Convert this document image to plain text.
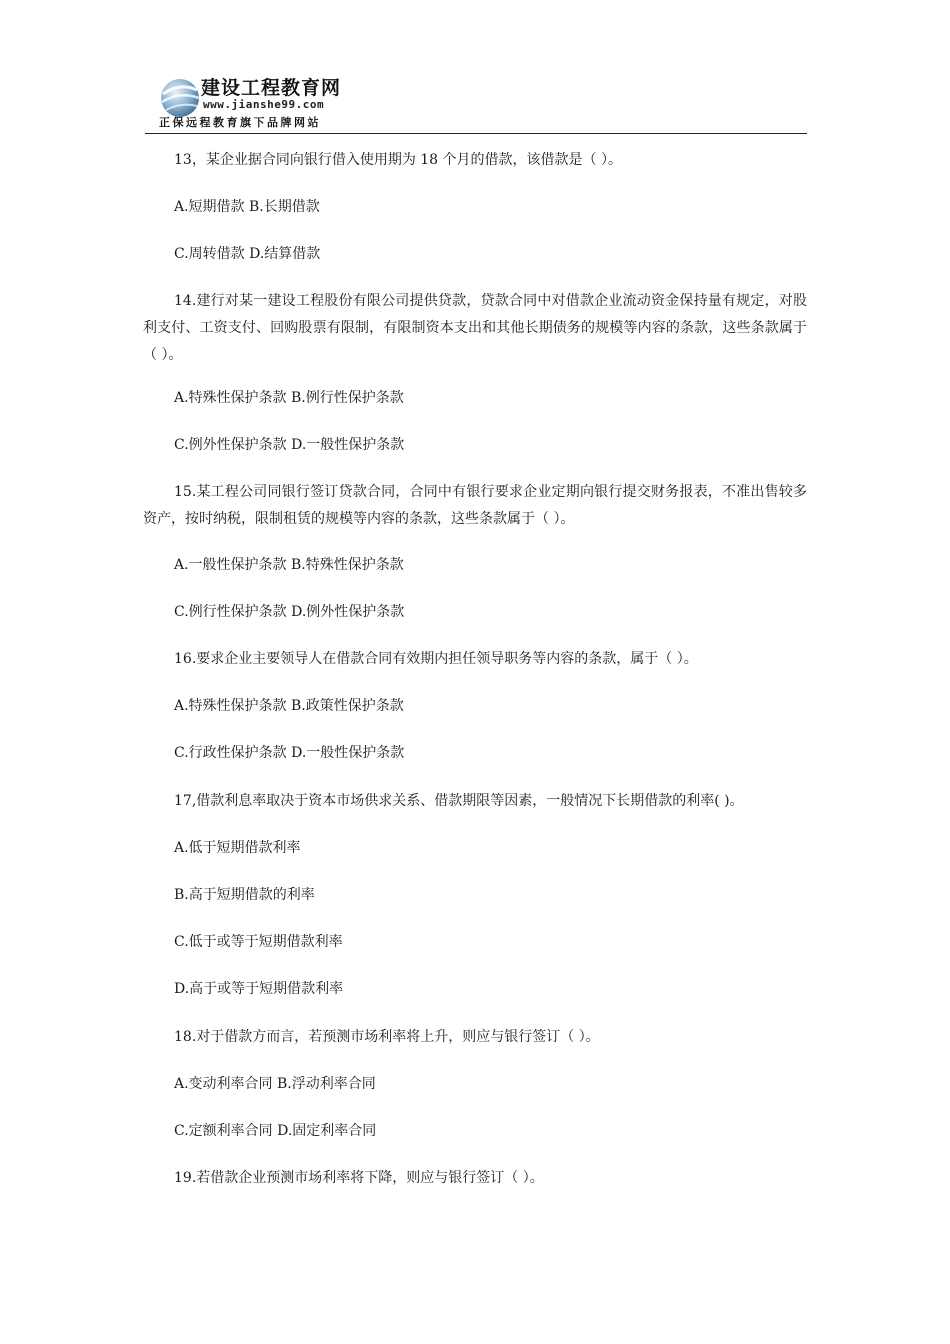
建设工程教育网
www.jianshe99.com
正保远程教育旗下品牌网站
13，某企业据合同向银行借入使用期为 18 个月的借款，该借款是（ ）。
A.短期借款 B.长期借款
C.周转借款 D.结算借款
14.建行对某一建设工程股份有限公司提供贷款，贷款合同中对借款企业流动资金保持量有规定，对股利支付、工资支付、回购股票有限制，有限制资本支出和其他长期债务的规模等内容的条款，这些条款属于（ ）。
A.特殊性保护条款 B.例行性保护条款
C.例外性保护条款 D.一般性保护条款
15.某工程公司同银行签订贷款合同，合同中有银行要求企业定期向银行提交财务报表，不准出售较多资产，按时纳税，限制租赁的规模等内容的条款，这些条款属于（ ）。
A.一般性保护条款 B.特殊性保护条款
C.例行性保护条款 D.例外性保护条款
16.要求企业主要领导人在借款合同有效期内担任领导职务等内容的条款，属于（ ）。
A.特殊性保护条款 B.政策性保护条款
C.行政性保护条款 D.一般性保护条款
17,借款利息率取决于资本市场供求关系、借款期限等因素，一般情况下长期借款的利率( )。
A.低于短期借款利率
B.高于短期借款的利率
C.低于或等于短期借款利率
D.高于或等于短期借款利率
18.对于借款方而言，若预测市场利率将上升，则应与银行签订（ ）。
A.变动利率合同 B.浮动利率合同
C.定额利率合同 D.固定利率合同
19.若借款企业预测市场利率将下降，则应与银行签订（ ）。
